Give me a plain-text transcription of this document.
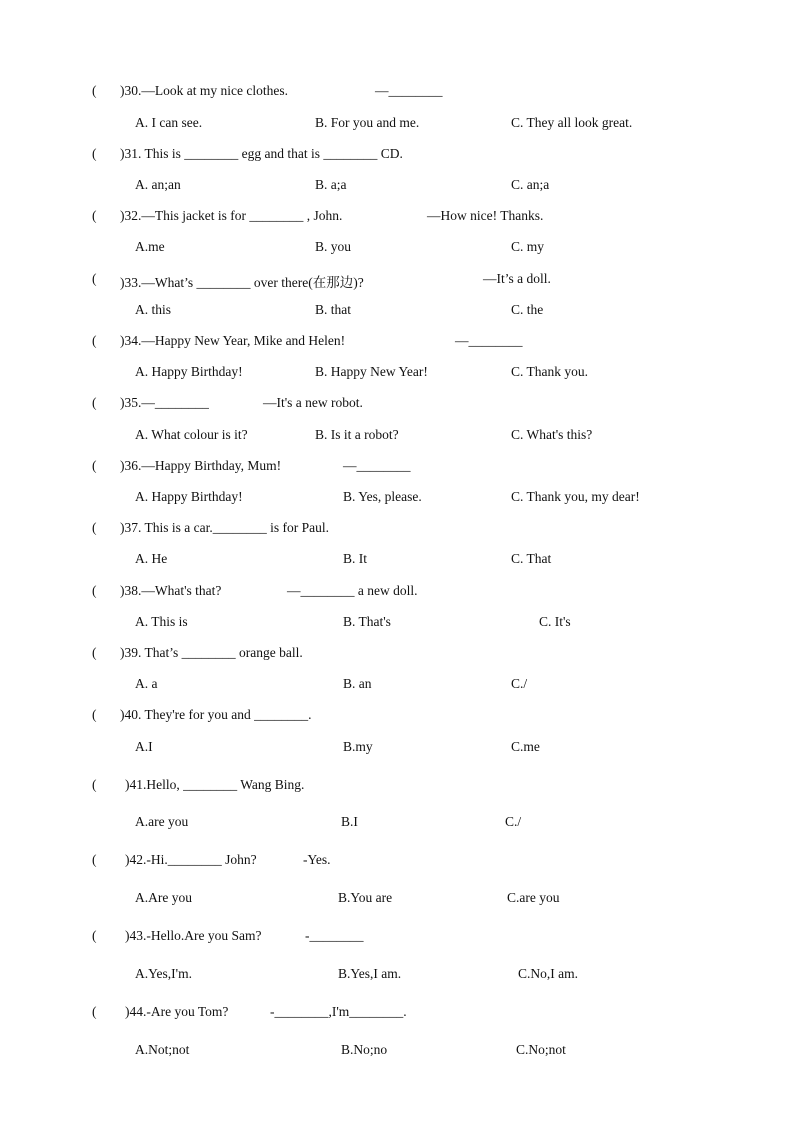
( )30.—Look at my nice clothes.	—________
A. I can see.	B. For you and me.	C. They all look great.
( )31. This is ________ egg and that is ________ CD.
A. an;an	B. a;a	C. an;a
( )32.—This jacket is for ________ , John.	—How nice! Thanks.
A.me	B. you	C. my
( )33.—What’s ________ over there(在那边)?	—It’s a doll.
A. this	B. that	C. the
( )34.—Happy New Year, Mike and Helen!	—________
A. Happy Birthday!	B. Happy New Year!	C. Thank you.
( )35.—________	—It's a new robot.
A. What colour is it?	B. Is it a robot?	C. What's this?
( )36.—Happy Birthday, Mum!	—________
A. Happy Birthday!	B. Yes, please.	C. Thank you, my dear!
( )37. This is a car.________ is for Paul.
A. He	B. It	C. That
( )38.—What's that?	—________ a new doll.
A. This is	B. That's	C. It's
( )39. That’s ________ orange ball.
A. a	B. an	C./
( )40. They're for you and ________.
A.I	B.my	C.me
( )41.Hello, ________ Wang Bing.
A.are you	B.I	C./
( )42.-Hi.________ John?	-Yes.
A.Are you	B.You are	C.are you
( )43.-Hello.Are you Sam?	-________
A.Yes,I'm.	B.Yes,I am.	C.No,I am.
( )44.-Are you Tom?	-________,I'm________.
A.Not;not	B.No;no	C.No;not
